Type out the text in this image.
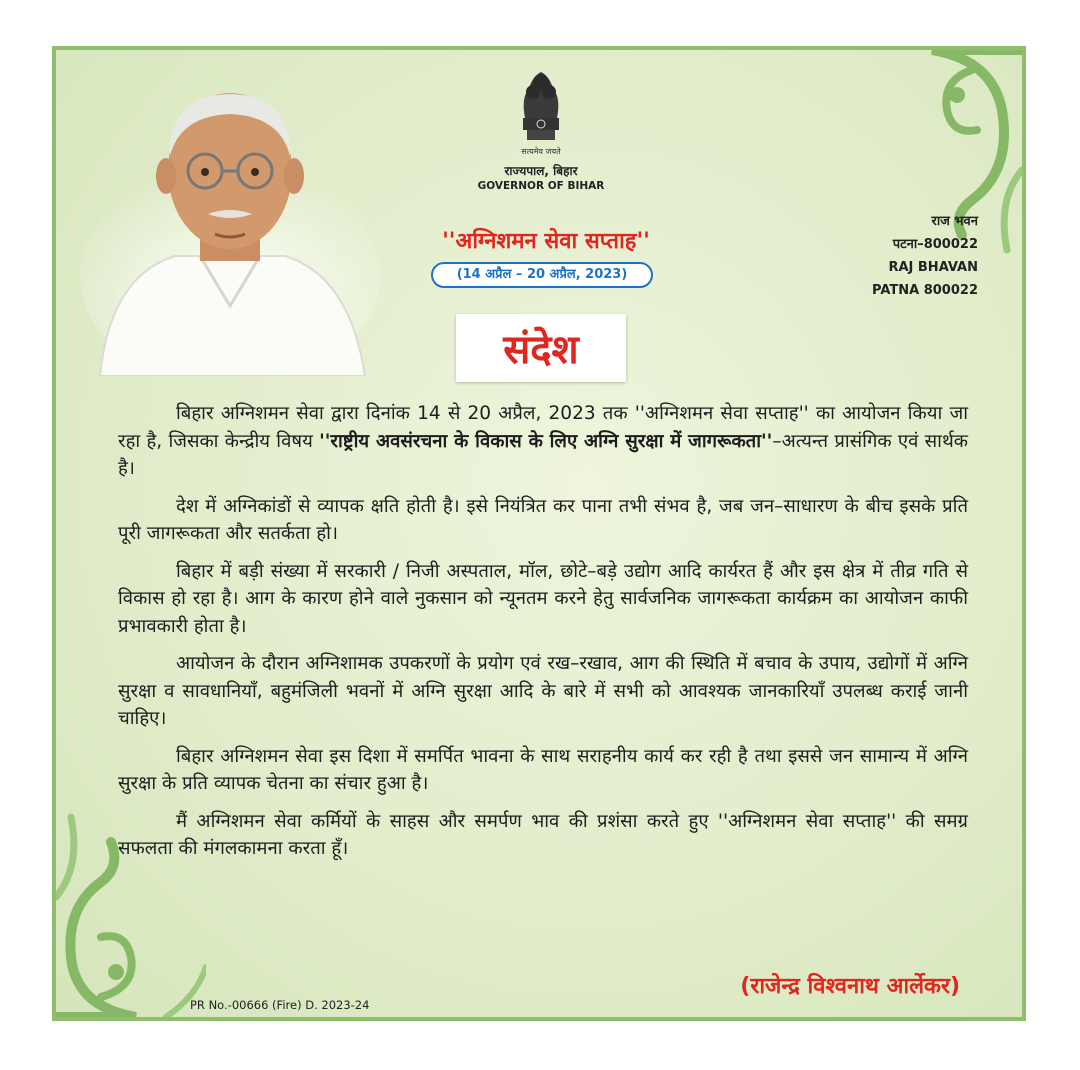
सत्यमेव जयते
राज्यपाल, बिहार
GOVERNOR OF BIHAR
''अग्निशमन सेवा सप्ताह''
(14 अप्रैल – 20 अप्रैल, 2023)
राज भवन
पटना–800022
RAJ BHAVAN
PATNA 800022
संदेश

बिहार अग्निशमन सेवा द्वारा दिनांक 14 से 20 अप्रैल, 2023 तक ''अग्निशमन सेवा सप्ताह'' का आयोजन किया जा रहा है, जिसका केन्द्रीय विषय ''राष्ट्रीय अवसंरचना के विकास के लिए अग्नि सुरक्षा में जागरूकता''–अत्यन्त प्रासंगिक एवं सार्थक है।

देश में अग्निकांडों से व्यापक क्षति होती है। इसे नियंत्रित कर पाना तभी संभव है, जब जन–साधारण के बीच इसके प्रति पूरी जागरूकता और सतर्कता हो।

बिहार में बड़ी संख्या में सरकारी / निजी अस्पताल, मॉल, छोटे–बड़े उद्योग आदि कार्यरत हैं और इस क्षेत्र में तीव्र गति से विकास हो रहा है। आग के कारण होने वाले नुकसान को न्यूनतम करने हेतु सार्वजनिक जागरूकता कार्यक्रम का आयोजन काफी प्रभावकारी होता है।

आयोजन के दौरान अग्निशामक उपकरणों के प्रयोग एवं रख–रखाव, आग की स्थिति में बचाव के उपाय, उद्योगों में अग्नि सुरक्षा व सावधानियाँ, बहुमंजिली भवनों में अग्नि सुरक्षा आदि के बारे में सभी को आवश्यक जानकारियाँ उपलब्ध कराई जानी चाहिए।

बिहार अग्निशमन सेवा इस दिशा में समर्पित भावना के साथ सराहनीय कार्य कर रही है तथा इससे जन सामान्य में अग्नि सुरक्षा के प्रति व्यापक चेतना का संचार हुआ है।

मैं अग्निशमन सेवा कर्मियों के साहस और समर्पण भाव की प्रशंसा करते हुए ''अग्निशमन सेवा सप्ताह'' की समग्र सफलता की मंगलकामना करता हूँ।

(राजेन्द्र विश्वनाथ आर्लेकर)
PR No.-00666 (Fire) D. 2023-24
